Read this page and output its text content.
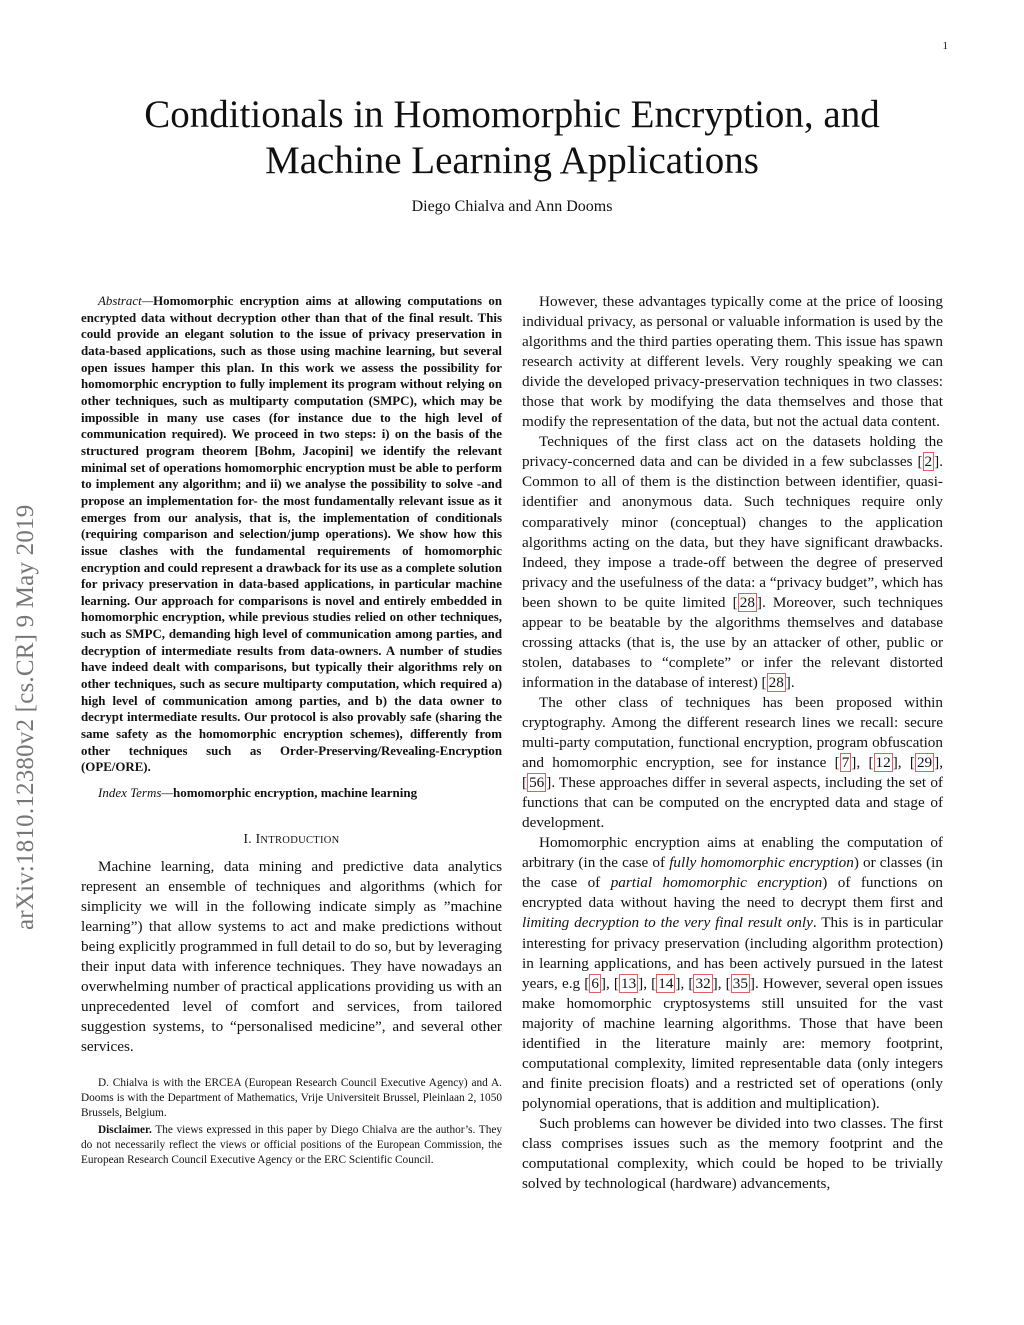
1
arXiv:1810.12380v2 [cs.CR] 9 May 2019
Conditionals in Homomorphic Encryption, and Machine Learning Applications

Diego Chialva and Ann Dooms

Abstract—Homomorphic encryption aims at allowing computations on encrypted data without decryption other than that of the final result. This could provide an elegant solution to the issue of privacy preservation in data-based applications, such as those using machine learning, but several open issues hamper this plan. In this work we assess the possibility for homomorphic encryption to fully implement its program without relying on other techniques, such as multiparty computation (SMPC), which may be impossible in many use cases (for instance due to the high level of communication required). We proceed in two steps: i) on the basis of the structured program theorem [Bohm, Jacopini] we identify the relevant minimal set of operations homomorphic encryption must be able to perform to implement any algorithm; and ii) we analyse the possibility to solve -and propose an implementation for- the most fundamentally relevant issue as it emerges from our analysis, that is, the implementation of conditionals (requiring comparison and selection/jump operations). We show how this issue clashes with the fundamental requirements of homomorphic encryption and could represent a drawback for its use as a complete solution for privacy preservation in data-based applications, in particular machine learning. Our approach for comparisons is novel and entirely embedded in homomorphic encryption, while previous studies relied on other techniques, such as SMPC, demanding high level of communication among parties, and decryption of intermediate results from data-owners. A number of studies have indeed dealt with comparisons, but typically their algorithms rely on other techniques, such as secure multiparty computation, which required a) high level of communication among parties, and b) the data owner to decrypt intermediate results. Our protocol is also provably safe (sharing the same safety as the homomorphic encryption schemes), differently from other techniques such as Order-Preserving/Revealing-Encryption (OPE/ORE).

Index Terms—homomorphic encryption, machine learning

I. INTRODUCTION

Machine learning, data mining and predictive data analytics represent an ensemble of techniques and algorithms (which for simplicity we will in the following indicate simply as ”machine learning”) that allow systems to act and make predictions without being explicitly programmed in full detail to do so, but by leveraging their input data with inference techniques. They have nowadays an overwhelming number of practical applications providing us with an unprecedented level of comfort and services, from tailored suggestion systems, to “personalised medicine”, and several other services.

D. Chialva is with the ERCEA (European Research Council Executive Agency) and A. Dooms is with the Department of Mathematics, Vrije Universiteit Brussel, Pleinlaan 2, 1050 Brussels, Belgium.

Disclaimer. The views expressed in this paper by Diego Chialva are the author’s. They do not necessarily reflect the views or official positions of the European Commission, the European Research Council Executive Agency or the ERC Scientific Council.

However, these advantages typically come at the price of loosing individual privacy, as personal or valuable information is used by the algorithms and the third parties operating them. This issue has spawn research activity at different levels. Very roughly speaking we can divide the developed privacy-preservation techniques in two classes: those that work by modifying the data themselves and those that modify the representation of the data, but not the actual data content.

Techniques of the first class act on the datasets holding the privacy-concerned data and can be divided in a few subclasses [ 2 ]. Common to all of them is the distinction between identifier, quasi-identifier and anonymous data. Such techniques require only comparatively minor (conceptual) changes to the application algorithms acting on the data, but they have significant drawbacks. Indeed, they impose a trade-off between the degree of preserved privacy and the usefulness of the data: a “privacy budget”, which has been shown to be quite limited [ 28 ]. Moreover, such techniques appear to be beatable by the algorithms themselves and database crossing attacks (that is, the use by an attacker of other, public or stolen, databases to “complete” or infer the relevant distorted information in the database of interest) [ 28 ].

The other class of techniques has been proposed within cryptography. Among the different research lines we recall: secure multi-party computation, functional encryption, program obfuscation and homomorphic encryption, see for instance [ 7 ], [ 12 ], [ 29 ], [ 56 ]. These approaches differ in several aspects, including the set of functions that can be computed on the encrypted data and stage of development.

Homomorphic encryption aims at enabling the computation of arbitrary (in the case of fully homomorphic encryption) or classes (in the case of partial homomorphic encryption) of functions on encrypted data without having the need to decrypt them first and limiting decryption to the very final result only. This is in particular interesting for privacy preservation (including algorithm protection) in learning applications, and has been actively pursued in the latest years, e.g [ 6 ], [ 13 ], [ 14 ], [ 32 ], [ 35 ]. However, several open issues make homomorphic cryptosystems still unsuited for the vast majority of machine learning algorithms. Those that have been identified in the literature mainly are: memory footprint, computational complexity, limited representable data (only integers and finite precision floats) and a restricted set of operations (only polynomial operations, that is addition and multiplication).

Such problems can however be divided into two classes. The first class comprises issues such as the memory footprint and the computational complexity, which could be hoped to be trivially solved by technological (hardware) advancements,
